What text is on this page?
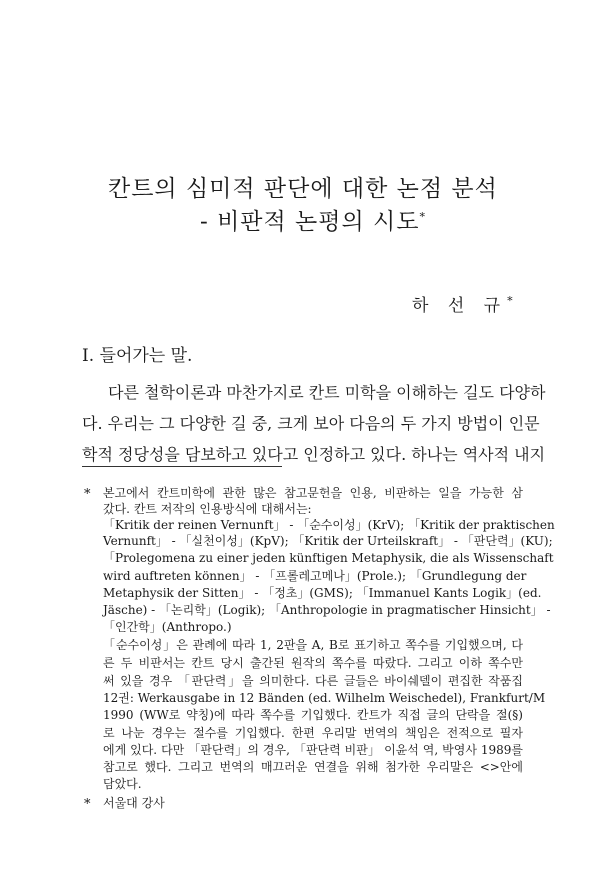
칸트의 심미적 판단에 대한 논점 분석
- 비판적 논평의 시도*
하 선 규*
I. 들어가는 말.
다른 철학이론과 마찬가지로 칸트 미학을 이해하는 길도 다양하
다. 우리는 그 다양한 길 중, 크게 보아 다음의 두 가지 방법이 인문
학적 정당성을 담보하고 있다고 인정하고 있다. 하나는 역사적 내지
* 본고에서 칸트미학에 관한 많은 참고문헌을 인용, 비판하는 일을 가능한 삼
갔다. 칸트 저작의 인용방식에 대해서는:
「Kritik der reinen Vernunft」 - 「순수이성」(KrV); 「Kritik der praktischen
Vernunft」 - 「실천이성」(KpV); 「Kritik der Urteilskraft」 - 「판단력」(KU);
「Prolegomena zu einer jeden künftigen Metaphysik, die als Wissenschaft
wird auftreten können」 - 「프롤레고메나」(Prole.); 「Grundlegung der
Metaphysik der Sitten」 - 「정초」(GMS); 「Immanuel Kants Logik」(ed.
Jäsche) - 「논리학」(Logik); 「Anthropologie in pragmatischer Hinsicht」 -
「인간학」(Anthropo.)
「순수이성」은 관례에 따라 1, 2판을 A, B로 표기하고 쪽수를 기입했으며, 다
른 두 비판서는 칸트 당시 출간된 원작의 쪽수를 따랐다. 그리고 이하 쪽수만
써 있을 경우 「판단력」을 의미한다. 다른 글들은 바이쉐델이 편집한 작품집
12권: Werkausgabe in 12 Bänden (ed. Wilhelm Weischedel), Frankfurt/M
1990 (WW로 약칭)에 따라 쪽수를 기입했다. 칸트가 직접 글의 단락을 절(§)
로 나눈 경우는 절수를 기입했다. 한편 우리말 번역의 책임은 전적으로 필자
에게 있다. 다만 「판단력」의 경우, 「판단력 비판」 이윤석 역, 박영사 1989를
참고로 했다. 그리고 번역의 매끄러운 연결을 위해 첨가한 우리말은 <>안에
담았다.
* 서울대 강사
